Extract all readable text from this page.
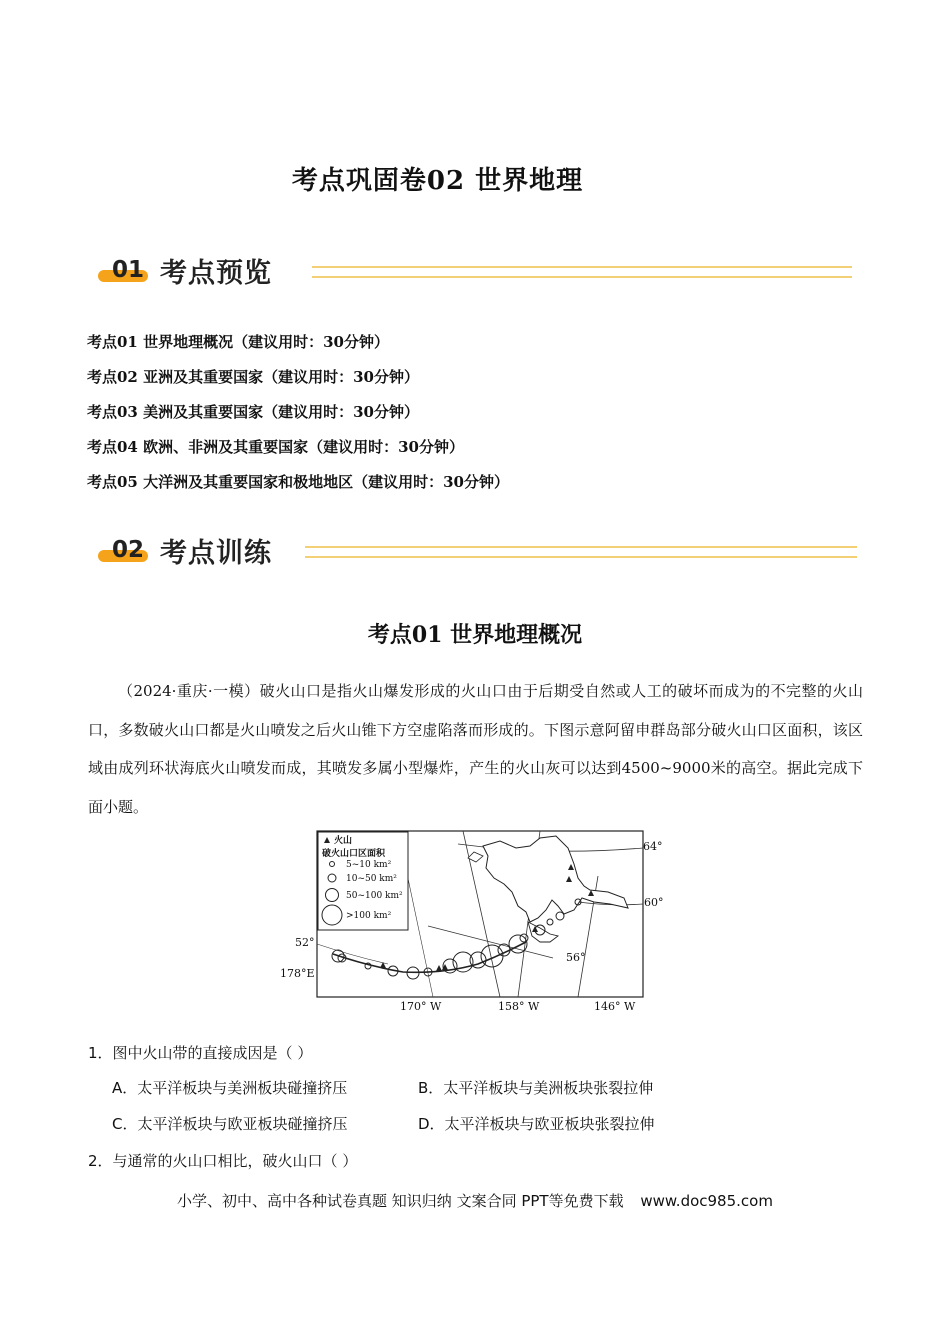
考点巩固卷02 世界地理
01 考点预览
考点01 世界地理概况（建议用时：30分钟）
考点02 亚洲及其重要国家（建议用时：30分钟）
考点03 美洲及其重要国家（建议用时：30分钟）
考点04 欧洲、非洲及其重要国家（建议用时：30分钟）
考点05 大洋洲及其重要国家和极地地区（建议用时：30分钟）
02 考点训练
考点01 世界地理概况
（2024·重庆·一模）破火山口是指火山爆发形成的火山口由于后期受自然或人工的破坏而成为的不完整的火山口，多数破火山口都是火山喷发之后火山锥下方空虚陷落而形成的。下图示意阿留申群岛部分破火山口区面积，该区域由成列环状海底火山喷发而成，其喷发多属小型爆炸，产生的火山灰可以达到4500~9000米的高空。据此完成下面小题。
火山
破火山口区面积
5~10 km²
10~50 km²
50~100 km²
>100 km²
64°
60°
56°
52°
178°E
170° W	158° W	146° W
1．图中火山带的直接成因是（ ）
A．太平洋板块与美洲板块碰撞挤压	B．太平洋板块与美洲板块张裂拉伸
C．太平洋板块与欧亚板块碰撞挤压	D．太平洋板块与欧亚板块张裂拉伸
2．与通常的火山口相比，破火山口（ ）
小学、初中、高中各种试卷真题 知识归纳 文案合同 PPT等免费下载 www.doc985.com
